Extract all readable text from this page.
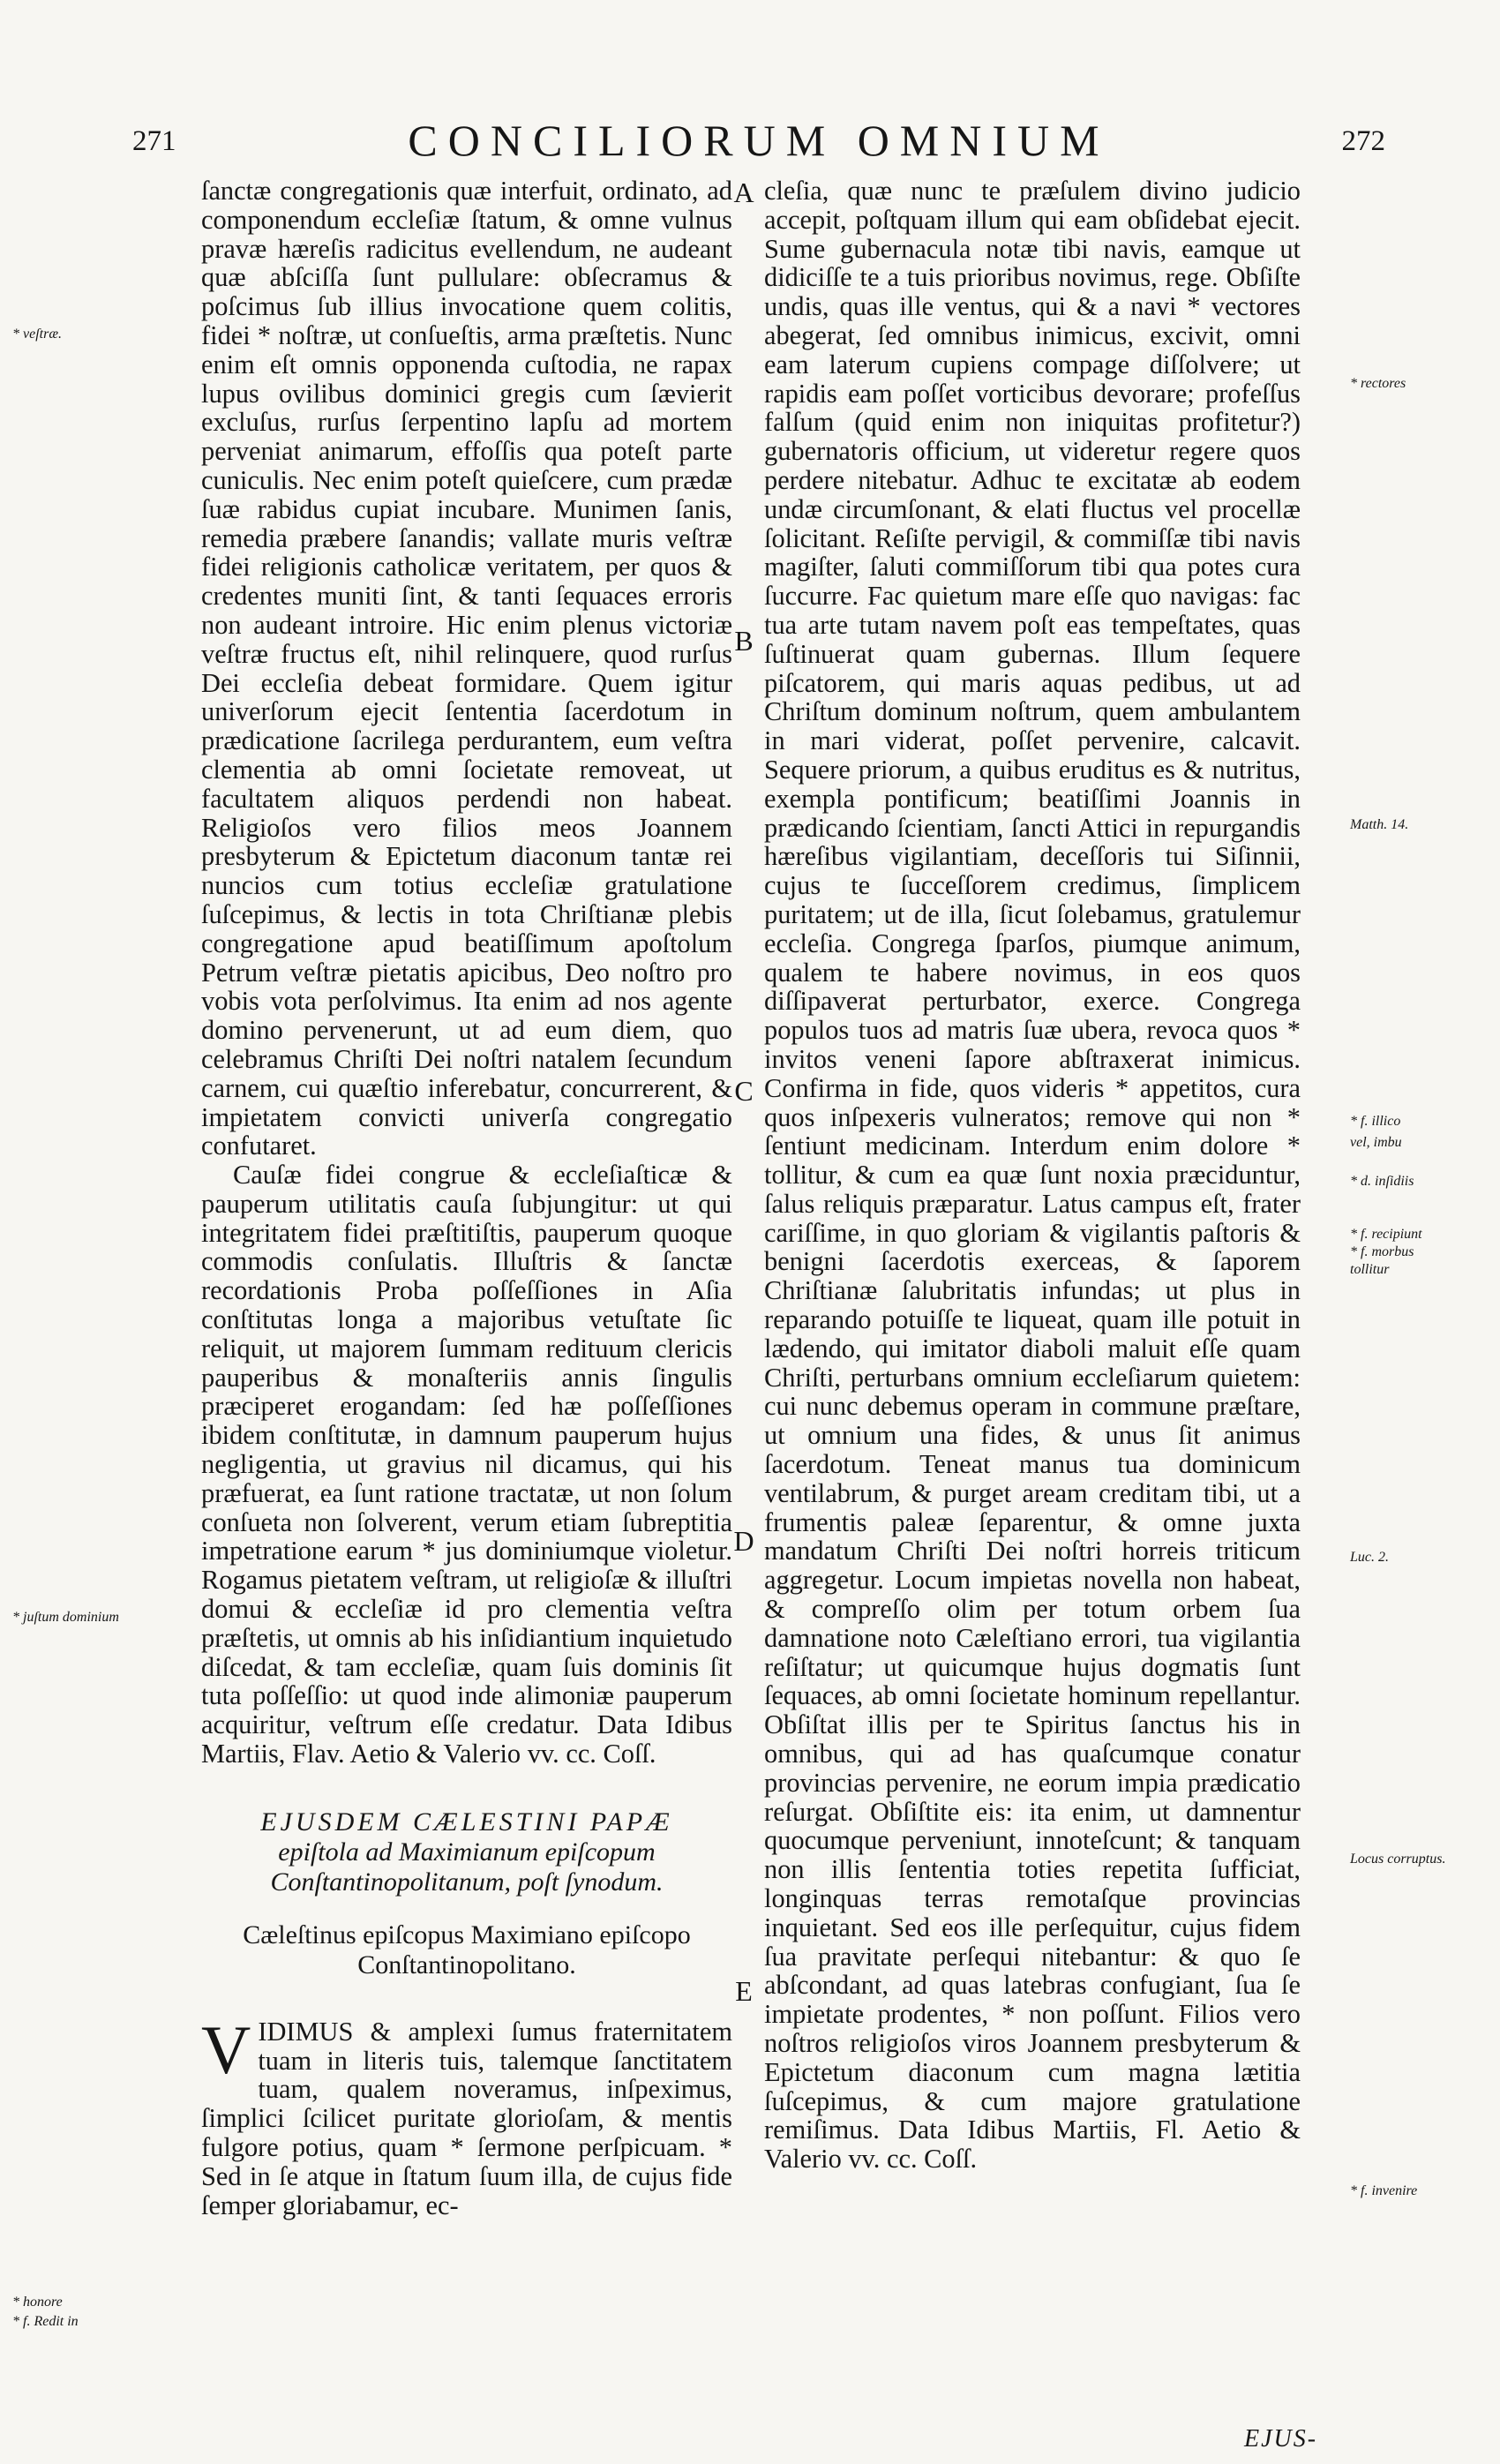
271	CONCILIORUM OMNIUM	272

ſanctæ congregationis quæ interfuit, ordinato, ad componendum eccleſiæ ſtatum, & omne vulnus pravæ hæreſis radicitus evellendum, ne audeant quæ abſciſſa ſunt pullulare: obſecramus & poſcimus ſub illius invocatione quem colitis, fidei * noſtræ, ut conſueſtis, arma præſtetis. Nunc enim eſt omnis opponenda cuſtodia, ne rapax lupus ovilibus dominici gregis cum ſævierit excluſus, rurſus ſerpentino lapſu ad mortem perveniat animarum, effoſſis qua poteſt parte cuniculis. Nec enim poteſt quieſcere, cum prædæ ſuæ rabidus cupiat incubare. Munimen ſanis, remedia præbere ſanandis; vallate muris veſtræ fidei religionis catholicæ veritatem, per quos & credentes muniti ſint, & tanti ſequaces erroris non audeant introire. Hic enim plenus victoriæ veſtræ fructus eſt, nihil relinquere, quod rurſus Dei eccleſia debeat formidare. Quem igitur univerſorum ejecit ſententia ſacerdotum in prædicatione ſacrilega perdurantem, eum veſtra clementia ab omni ſocietate removeat, ut facultatem aliquos perdendi non habeat. Religioſos vero filios meos Joannem presbyterum & Epictetum diaconum tantæ rei nuncios cum totius eccleſiæ gratulatione ſuſcepimus, & lectis in tota Chriſtianæ plebis congregatione apud beatiſſimum apoſtolum Petrum veſtræ pietatis apicibus, Deo noſtro pro vobis vota perſolvimus. Ita enim ad nos agente domino pervenerunt, ut ad eum diem, quo celebramus Chriſti Dei noſtri natalem ſecundum carnem, cui quæſtio inferebatur, concurrerent, & impietatem convicti univerſa congregatio confutaret.

Cauſæ fidei congrue & eccleſiaſticæ & pauperum utilitatis cauſa ſubjungitur: ut qui integritatem fidei præſtitiſtis, pauperum quoque commodis conſulatis. Illuſtris & ſanctæ recordationis Proba poſſeſſiones in Aſia conſtitutas longa a majoribus vetuſtate ſic reliquit, ut majorem ſummam redituum clericis pauperibus & monaſteriis annis ſingulis præciperet erogandam: ſed hæ poſſeſſiones ibidem conſtitutæ, in damnum pauperum hujus negligentia, ut gravius nil dicamus, qui his præfuerat, ea ſunt ratione tractatæ, ut non ſolum conſueta non ſolverent, verum etiam ſubreptitia impetratione earum * jus dominiumque violetur. Rogamus pietatem veſtram, ut religioſæ & illuſtri domui & eccleſiæ id pro clementia veſtra præſtetis, ut omnis ab his inſidiantium inquietudo diſcedat, & tam eccleſiæ, quam ſuis dominis ſit tuta poſſeſſio: ut quod inde alimoniæ pauperum acquiritur, veſtrum eſſe credatur. Data Idibus Martiis, Flav. Aetio & Valerio vv. cc. Coſſ.

EJUSDEM CÆLESTINI PAPÆ
epiſtola ad Maximianum epiſcopum Conſtantinopolitanum, poſt ſynodum.
Cæleſtinus epiſcopus Maximiano epiſcopo
Conſtantinopolitano.
V IDIMUS & amplexi ſumus fraternitatem tuam in literis tuis, talemque ſanctitatem tuam, qualem noveramus, inſpeximus, ſimplici ſcilicet puritate glorioſam, & mentis fulgore potius, quam * ſermone perſpicuam. * Sed in ſe atque in ſtatum ſuum illa, de cujus fide ſemper gloriabamur, ec-

cleſia, quæ nunc te præſulem divino judicio accepit, poſtquam illum qui eam obſidebat ejecit. Sume gubernacula notæ tibi navis, eamque ut didiciſſe te a tuis prioribus novimus, rege. Obſiſte undis, quas ille ventus, qui & a navi * vectores abegerat, ſed omnibus inimicus, excivit, omni eam laterum cupiens compage diſſolvere; ut rapidis eam poſſet vorticibus devorare; profeſſus falſum (quid enim non iniquitas profitetur?) gubernatoris officium, ut videretur regere quos perdere nitebatur. Adhuc te excitatæ ab eodem undæ circumſonant, & elati fluctus vel procellæ ſolicitant. Reſiſte pervigil, & commiſſæ tibi navis magiſter, ſaluti commiſſorum tibi qua potes cura ſuccurre. Fac quietum mare eſſe quo navigas: fac tua arte tutam navem poſt eas tempeſtates, quas ſuſtinuerat quam gubernas. Illum ſequere piſcatorem, qui maris aquas pedibus, ut ad Chriſtum dominum noſtrum, quem ambulantem in mari viderat, poſſet pervenire, calcavit. Sequere priorum, a quibus eruditus es & nutritus, exempla pontificum; beatiſſimi Joannis in prædicando ſcientiam, ſancti Attici in repurgandis hæreſibus vigilantiam, deceſſoris tui Siſinnii, cujus te ſucceſſorem credimus, ſimplicem puritatem; ut de illa, ſicut ſolebamus, gratulemur eccleſia. Congrega ſparſos, piumque animum, qualem te habere novimus, in eos quos diſſipaverat perturbator, exerce. Congrega populos tuos ad matris ſuæ ubera, revoca quos * invitos veneni ſapore abſtraxerat inimicus. Confirma in fide, quos videris * appetitos, cura quos inſpexeris vulneratos; remove qui non * ſentiunt medicinam. Interdum enim dolore * tollitur, & cum ea quæ ſunt noxia præciduntur, ſalus reliquis præparatur. Latus campus eſt, frater cariſſime, in quo gloriam & vigilantis paſtoris & benigni ſacerdotis exerceas, & ſaporem Chriſtianæ ſalubritatis infundas; ut plus in reparando potuiſſe te liqueat, quam ille potuit in lædendo, qui imitator diaboli maluit eſſe quam Chriſti, perturbans omnium eccleſiarum quietem: cui nunc debemus operam in commune præſtare, ut omnium una fides, & unus ſit animus ſacerdotum. Teneat manus tua dominicum ventilabrum, & purget aream creditam tibi, ut a frumentis paleæ ſeparentur, & omne juxta mandatum Chriſti Dei noſtri horreis triticum aggregetur. Locum impietas novella non habeat, & compreſſo olim per totum orbem ſua damnatione noto Cæleſtiano errori, tua vigilantia reſiſtatur; ut quicumque hujus dogmatis ſunt ſequaces, ab omni ſocietate hominum repellantur. Obſiſtat illis per te Spiritus ſanctus his in omnibus, qui ad has quaſcumque conatur provincias pervenire, ne eorum impia prædicatio reſurgat. Obſiſtite eis: ita enim, ut damnentur quocumque perveniunt, innoteſcunt; & tanquam non illis ſententia toties repetita ſufficiat, longinquas terras remotaſque provincias inquietant. Sed eos ille perſequitur, cujus fidem ſua pravitate perſequi nitebantur: & quo ſe abſcondant, ad quas latebras confugiant, ſua ſe impietate prodentes, * non poſſunt. Filios vero noſtros religioſos viros Joannem presbyterum & Epictetum diaconum cum magna lætitia ſuſcepimus, & cum majore gratulatione remiſimus. Data Idibus Martiis, Fl. Aetio & Valerio vv. cc. Coſſ.

A
B
C
D
E
* veſtræ.
* juſtum dominium
* honore
* f. Redit in
* rectores
Matth. 14.
* f. illico
vel, imbu
* d. inſidiis
* f. recipiunt
* f. morbus
tollitur
Luc. 2.
Locus corruptus.
* f. invenire
EJUS-
